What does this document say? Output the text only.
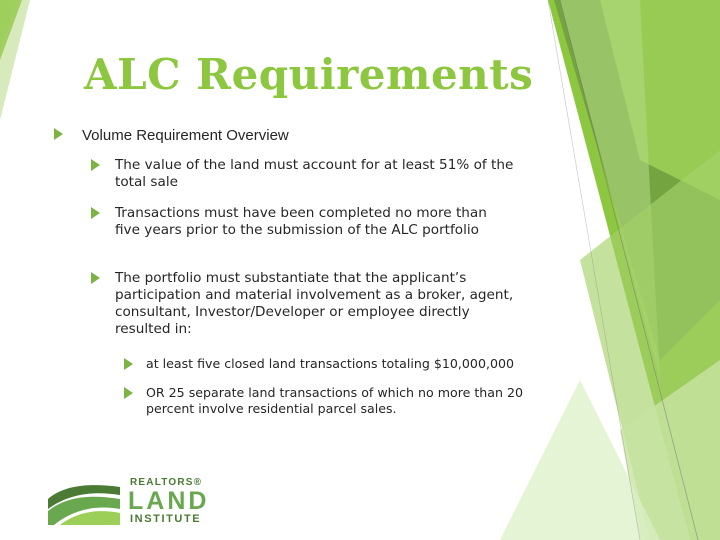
ALC Requirements
Volume Requirement Overview
The value of the land must account for at least 51% of the total sale
Transactions must have been completed no more than five years prior to the submission of the ALC portfolio
The portfolio must substantiate that the applicant’s participation and material involvement as a broker, agent, consultant, Investor/Developer or employee directly resulted in:
at least five closed land transactions totaling $10,000,000
OR 25 separate land transactions of which no more than 20 percent involve residential parcel sales.
REALTORS®
LAND
INSTITUTE
